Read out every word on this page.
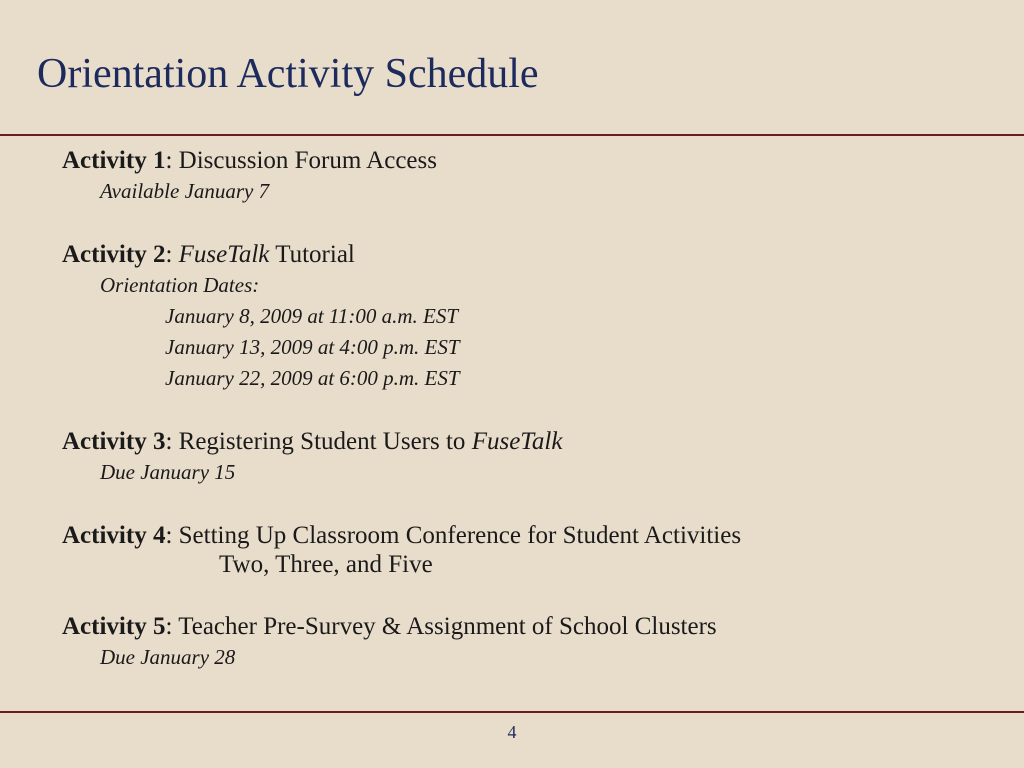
Orientation Activity Schedule
Activity 1: Discussion Forum Access
Available January 7
Activity 2: FuseTalk Tutorial
Orientation Dates:
January 8, 2009 at 11:00 a.m. EST
January 13, 2009 at 4:00 p.m. EST
January 22, 2009 at 6:00 p.m. EST
Activity 3: Registering Student Users to FuseTalk
Due January 15
Activity 4: Setting Up Classroom Conference for Student Activities
Two, Three, and Five
Activity 5: Teacher Pre-Survey & Assignment of School Clusters
Due January 28
4
